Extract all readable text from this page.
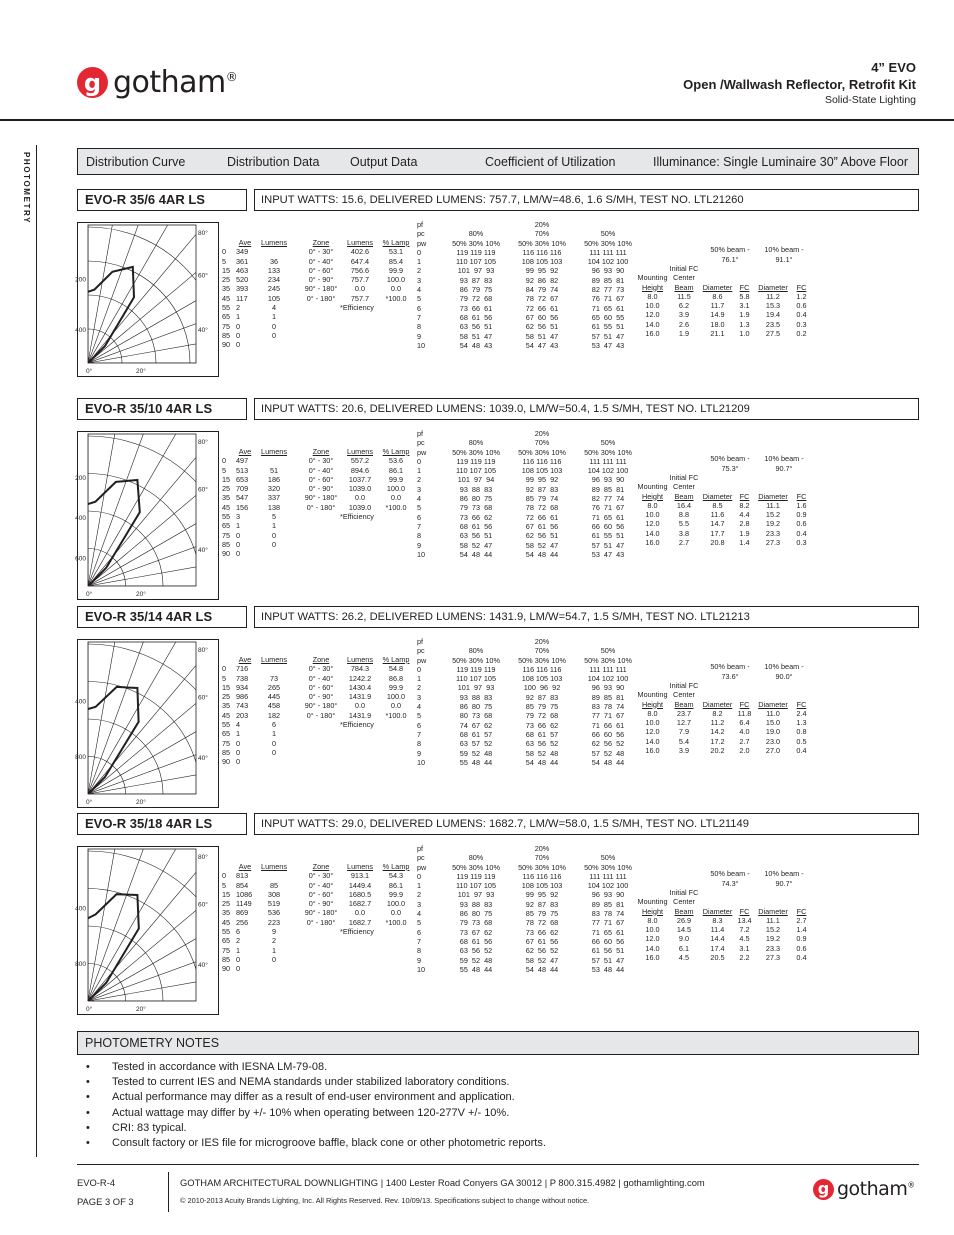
g gotham®
4” EVO
Open /Wallwash Reflector, Retrofit Kit
Solid-State Lighting
PHOTOMETRY	Distribution Curve	Distribution Data Output Data	Coefficient of Utilization	Illuminance: Single Luminaire 30” Above Floor
EVO-R 35/6 4AR LS	INPUT WATTS: 15.6, DELIVERED LUMENS: 757.7, LM/W=48.6, 1.6 S/MH, TEST NO. LTL21260
80°
60°
40°
0°	20°
200
400
	Ave	Lumens
0	349	
5	361	36
15	463	133
25	520	234
35	393	245
45	117	105
55	2	4
65	1	1
75	0	0
85	0	0
90	0	
Zone	Lumens	% Lamp
0° - 30°	402.6	53.1
0° - 40°	647.4	85.4
0° - 60°	756.6	99.9
0° - 90°	757.7	100.0
90° - 180°	0.0	0.0
0° - 180°	757.7	*100.0
	*Efficiency	
pf		20%	
pc	80%	70%	50%
pw	50% 30% 10%	50% 30% 10%	50% 30% 10%
0	119 119 119	116 116 116	111 111 111
1	110 107 105	108 105 103	104 102 100
2	101  97  93	99  95  92	96  93  90
3	93  87  83	92  86  82	89  85  81
4	86  79  75	84  79  74	82  77  73
5	79  72  68	78  72  67	76  71  67
6	73  66  61	72  66  61	71  65  61
7	68  61  56	67  60  56	65  60  55
8	63  56  51	62  56  51	61  55  51
9	58  51  47	58  51  47	57  51  47
10	54  48  43	54  47  43	53  47  43
50% beam -
76.1°
10% beam -
91.1°
	Initial FC				
Mounting	Center				
Height	Beam	Diameter	FC	Diameter	FC
8.0	11.5	8.6	5.8	11.2	1.2
10.0	6.2	11.7	3.1	15.3	0.6
12.0	3.9	14.9	1.9	19.4	0.4
14.0	2.6	18.0	1.3	23.5	0.3
16.0	1.9	21.1	1.0	27.5	0.2
EVO-R 35/10 4AR LS	INPUT WATTS: 20.6, DELIVERED LUMENS: 1039.0, LM/W=50.4, 1.5 S/MH, TEST NO. LTL21209
80°
60°
40°
0°	20°
200
400
600
	Ave	Lumens
0	497	
5	513	51
15	653	186
25	709	320
35	547	337
45	156	138
55	3	5
65	1	1
75	0	0
85	0	0
90	0	
Zone	Lumens	% Lamp
0° - 30°	557.2	53.6
0° - 40°	894.6	86.1
0° - 60°	1037.7	99.9
0° - 90°	1039.0	100.0
90° - 180°	0.0	0.0
0° - 180°	1039.0	*100.0
	*Efficiency	
pf		20%	
pc	80%	70%	50%
pw	50% 30% 10%	50% 30% 10%	50% 30% 10%
0	119 119 119	116 116 116	111 111 111
1	110 107 105	108 105 103	104 102 100
2	101  97  94	99  95  92	96  93  90
3	93  88  83	92  87  83	89  85  81
4	86  80  75	85  79  74	82  77  74
5	79  73  68	78  72  68	76  71  67
6	73  66  62	72  66  61	71  65  61
7	68  61  56	67  61  56	66  60  56
8	63  56  51	62  56  51	61  55  51
9	58  52  47	58  52  47	57  51  47
10	54  48  44	54  48  44	53  47  43
50% beam -
75.3°
10% beam -
90.7°
	Initial FC				
Mounting	Center				
Height	Beam	Diameter	FC	Diameter	FC
8.0	16.4	8.5	8.2	11.1	1.6
10.0	8.8	11.6	4.4	15.2	0.9
12.0	5.5	14.7	2.8	19.2	0.6
14.0	3.8	17.7	1.9	23.3	0.4
16.0	2.7	20.8	1.4	27.3	0.3
EVO-R 35/14 4AR LS	INPUT WATTS: 26.2, DELIVERED LUMENS: 1431.9, LM/W=54.7, 1.5 S/MH, TEST NO. LTL21213
80°
60°
40°
0°	20°
400
800
	Ave	Lumens
0	716	
5	738	73
15	934	265
25	986	445
35	743	458
45	203	182
55	4	6
65	1	1
75	0	0
85	0	0
90	0	
Zone	Lumens	% Lamp
0° - 30°	784.3	54.8
0° - 40°	1242.2	86.8
0° - 60°	1430.4	99.9
0° - 90°	1431.9	100.0
90° - 180°	0.0	0.0
0° - 180°	1431.9	*100.0
	*Efficiency	
pf		20%	
pc	80%	70%	50%
pw	50% 30% 10%	50% 30% 10%	50% 30% 10%
0	119 119 119	116 116 116	111 111 111
1	110 107 105	108 105 103	104 102 100
2	101  97  93	100  96  92	96  93  90
3	93  88  83	92  87  83	89  85  81
4	86  80  75	85  79  75	83  78  74
5	80  73  68	79  72  68	77  71  67
6	74  67  62	73  66  62	71  66  61
7	68  61  57	68  61  57	66  60  56
8	63  57  52	63  56  52	62  56  52
9	59  52  48	58  52  48	57  52  48
10	55  48  44	54  48  44	54  48  44
50% beam -
73.6°
10% beam -
90.0°
	Initial FC				
Mounting	Center				
Height	Beam	Diameter	FC	Diameter	FC
8.0	23.7	8.2	11.8	11.0	2.4
10.0	12.7	11.2	6.4	15.0	1.3
12.0	7.9	14.2	4.0	19.0	0.8
14.0	5.4	17.2	2.7	23.0	0.5
16.0	3.9	20.2	2.0	27.0	0.4
EVO-R 35/18 4AR LS	INPUT WATTS: 29.0, DELIVERED LUMENS: 1682.7, LM/W=58.0, 1.5 S/MH, TEST NO. LTL21149
80°
60°
40°
0°	20°
400
800
	Ave	Lumens
0	813	
5	854	85
15	1086	308
25	1149	519
35	869	536
45	256	223
55	6	9
65	2	2
75	1	1
85	0	0
90	0	
Zone	Lumens	% Lamp
0° - 30°	913.1	54.3
0° - 40°	1449.4	86.1
0° - 60°	1680.5	99.9
0° - 90°	1682.7	100.0
90° - 180°	0.0	0.0
0° - 180°	1682.7	*100.0
	*Efficiency	
pf		20%	
pc	80%	70%	50%
pw	50% 30% 10%	50% 30% 10%	50% 30% 10%
0	119 119 119	116 116 116	111 111 111
1	110 107 105	108 105 103	104 102 100
2	101  97  93	99  95  92	96  93  90
3	93  88  83	92  87  83	89  85  81
4	86  80  75	85  79  75	83  78  74
5	79  73  68	78  72  68	77  71  67
6	73  67  62	73  66  62	71  65  61
7	68  61  56	67  61  56	66  60  56
8	63  56  52	62  56  52	61  56  51
9	59  52  48	58  52  47	57  51  47
10	55  48  44	54  48  44	53  48  44
50% beam -
74.3°
10% beam -
90.7°
	Initial FC				
Mounting	Center				
Height	Beam	Diameter	FC	Diameter	FC
8.0	26.9	8.3	13.4	11.1	2.7
10.0	14.5	11.4	7.2	15.2	1.4
12.0	9.0	14.4	4.5	19.2	0.9
14.0	6.1	17.4	3.1	23.3	0.6
16.0	4.5	20.5	2.2	27.3	0.4
PHOTOMETRY NOTES
• Tested in accordance with IESNA LM-79-08.
• Tested to current IES and NEMA standards under stabilized laboratory conditions.
• Actual performance may differ as a result of end-user environment and application.
• Actual wattage may differ by +/- 10% when operating between 120-277V +/- 10%.
• CRI: 83 typical.
• Consult factory or IES file for microgroove baffle, black cone or other photometric reports.
EVO-R-4
PAGE 3 OF 3
GOTHAM ARCHITECTURAL DOWNLIGHTING | 1400 Lester Road Conyers GA 30012 | P 800.315.4982 | gothamlighting.com
© 2010-2013 Acuity Brands Lighting, Inc. All Rights Reserved. Rev. 10/09/13. Specifications subject to change without notice.
g gotham®
